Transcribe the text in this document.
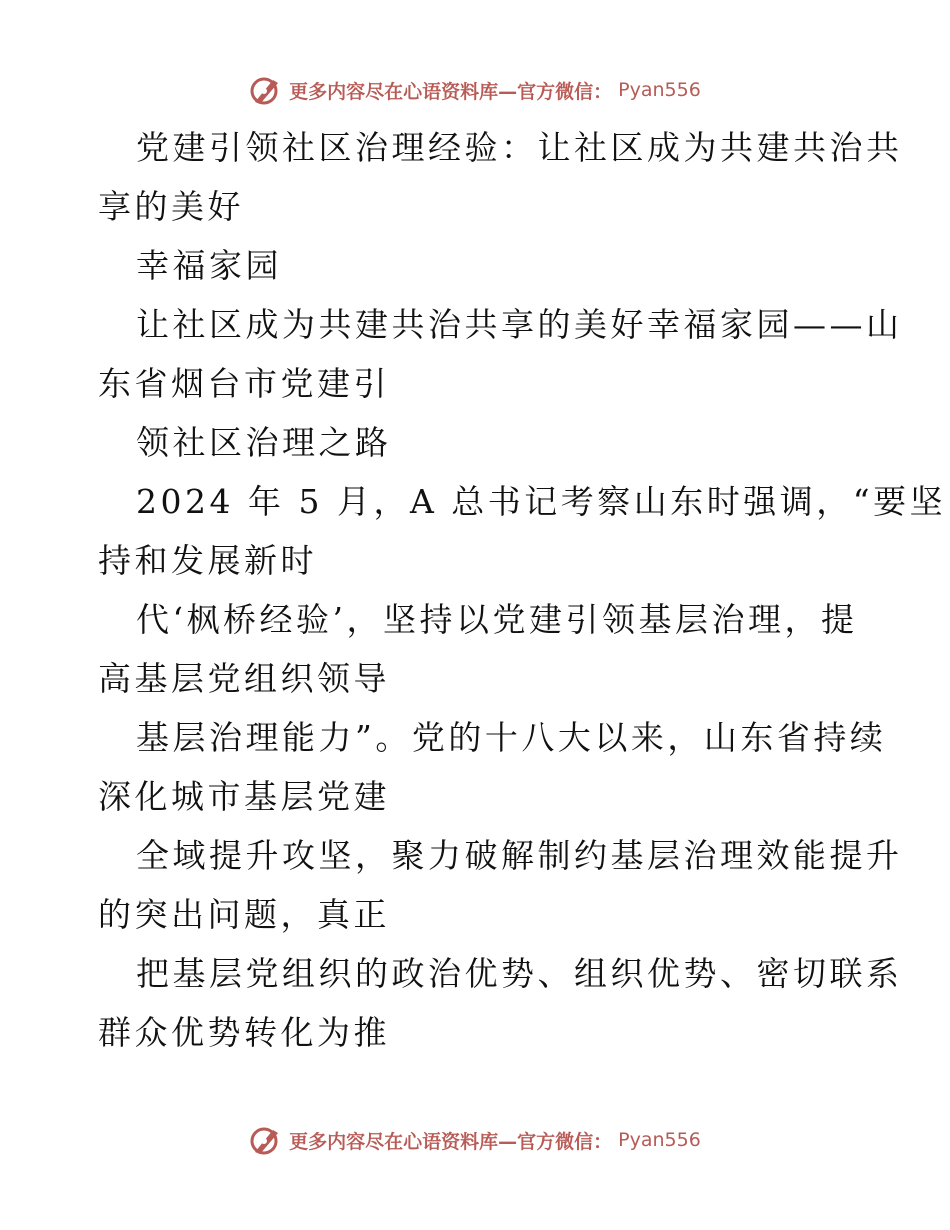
更多内容尽在心语资料库—官方微信： Pyan556

党建引领社区治理经验：让社区成为共建共治共
享的美好

幸福家园

让社区成为共建共治共享的美好幸福家园——山
东省烟台市党建引

领社区治理之路

2024 年 5 月，A 总书记考察山东时强调，“要坚
持和发展新时

代‘枫桥经验’，坚持以党建引领基层治理，提
高基层党组织领导

基层治理能力”。党的十八大以来，山东省持续
深化城市基层党建

全域提升攻坚，聚力破解制约基层治理效能提升
的突出问题，真正

把基层党组织的政治优势、组织优势、密切联系
群众优势转化为推

更多内容尽在心语资料库—官方微信： Pyan556
